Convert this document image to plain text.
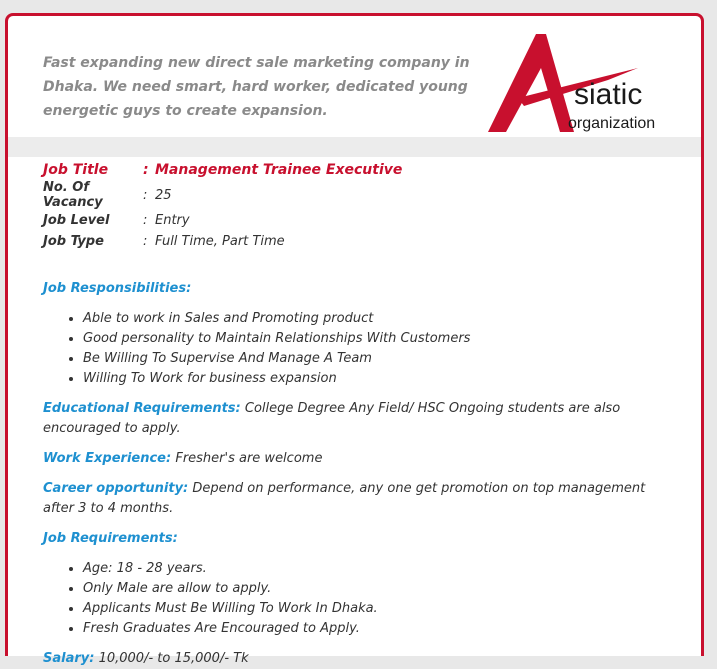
Fast expanding new direct sale marketing company in Dhaka. We need smart, hard worker, dedicated young energetic guys to create expansion.	siatic
organization
Job Title	:	Management Trainee Executive
No. Of Vacancy	:	25
Job Level	:	Entry
Job Type	:	Full Time, Part Time

Job Responsibilities:

• Able to work in Sales and Promoting product
• Good personality to Maintain Relationships With Customers
• Be Willing To Supervise And Manage A Team
• Willing To Work for business expansion

Educational Requirements: College Degree Any Field/ HSC Ongoing students are also encouraged to apply.

Work Experience: Fresher's are welcome

Career opportunity: Depend on performance, any one get promotion on top management after 3 to 4 months.

Job Requirements:

• Age: 18 - 28 years.
• Only Male are allow to apply.
• Applicants Must Be Willing To Work In Dhaka.
• Fresh Graduates Are Encouraged to Apply.

Salary: 10,000/- to 15,000/- Tk
